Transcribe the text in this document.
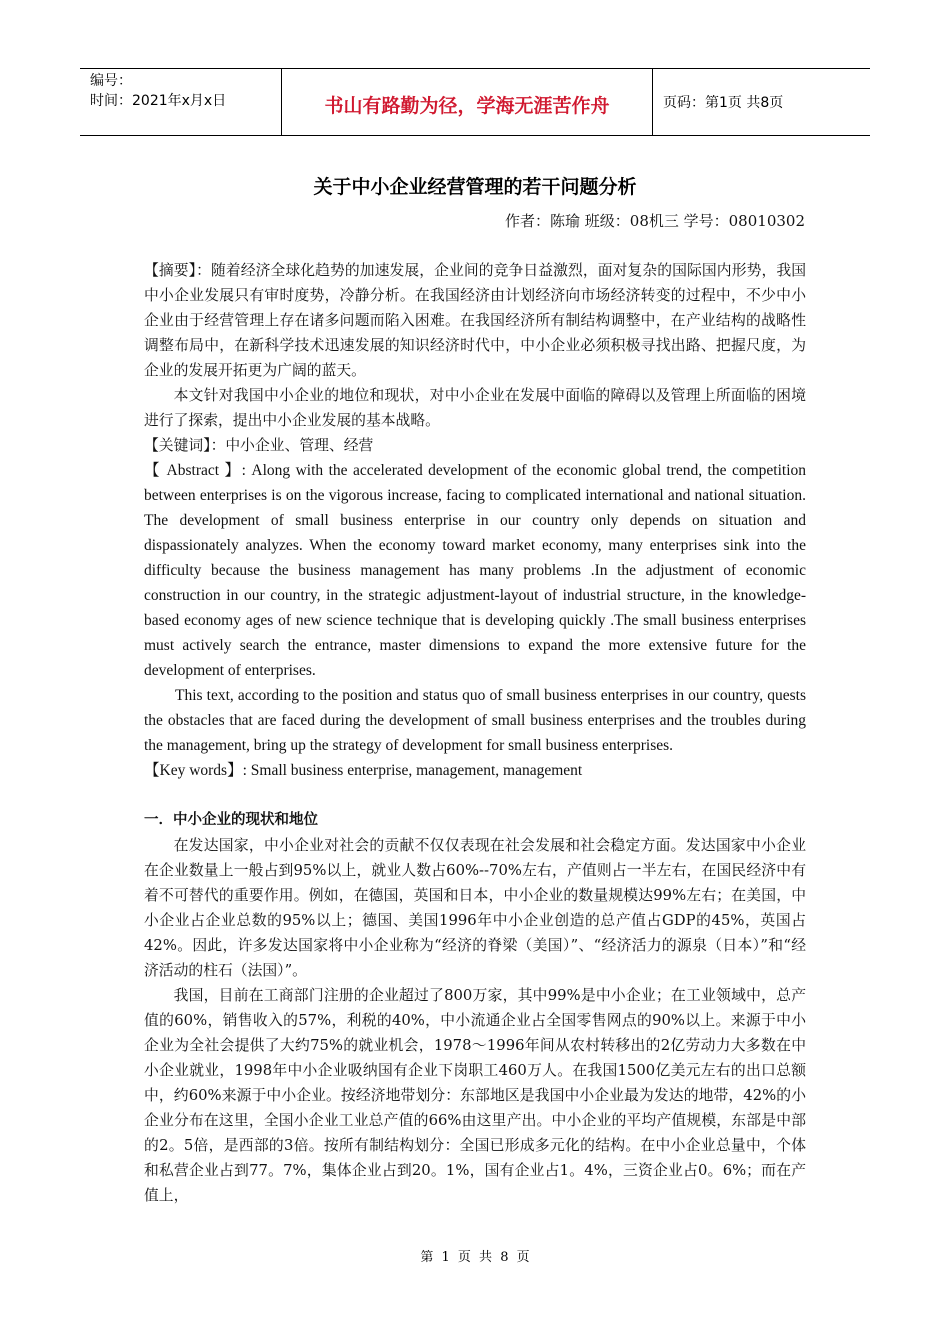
编号：
时间：2021年x月x日	书山有路勤为径，学海无涯苦作舟	页码：第1页 共8页
关于中小企业经营管理的若干问题分析
作者：陈瑜 班级：08机三 学号：08010302

【摘要】：随着经济全球化趋势的加速发展，企业间的竞争日益激烈，面对复杂的国际国内形势，我国中小企业发展只有审时度势，冷静分析。在我国经济由计划经济向市场经济转变的过程中，不少中小企业由于经营管理上存在诸多问题而陷入困难。在我国经济所有制结构调整中，在产业结构的战略性调整布局中，在新科学技术迅速发展的知识经济时代中，中小企业必须积极寻找出路、把握尺度，为企业的发展开拓更为广阔的蓝天。

本文针对我国中小企业的地位和现状，对中小企业在发展中面临的障碍以及管理上所面临的困境进行了探索，提出中小企业发展的基本战略。

【关键词】：中小企业、管理、经营

【 Abstract 】: Along with the accelerated development of the economic global trend, the competition between enterprises is on the vigorous increase, facing to complicated international and national situation. The development of small business enterprise in our country only depends on situation and dispassionately analyzes. When the economy toward market economy, many enterprises sink into the difficulty because the business management has many problems .In the adjustment of economic construction in our country, in the strategic adjustment-layout of industrial structure, in the knowledge-based economy ages of new science technique that is developing quickly .The small business enterprises must actively search the entrance, master dimensions to expand the more extensive future for the development of enterprises.

This text, according to the position and status quo of small business enterprises in our country, quests the obstacles that are faced during the development of small business enterprises and the troubles during the management, bring up the strategy of development for small business enterprises.

【Key words】: Small business enterprise, management, management

一．中小企业的现状和地位

在发达国家，中小企业对社会的贡献不仅仅表现在社会发展和社会稳定方面。发达国家中小企业在企业数量上一般占到95%以上，就业人数占60%--70%左右，产值则占一半左右，在国民经济中有着不可替代的重要作用。例如，在德国，英国和日本，中小企业的数量规模达99%左右；在美国，中小企业占企业总数的95%以上；德国、美国1996年中小企业创造的总产值占GDP的45%，英国占42%。因此，许多发达国家将中小企业称为“经济的脊梁（美国）”、“经济活力的源泉（日本）”和“经济活动的柱石（法国）”。

我国，目前在工商部门注册的企业超过了800万家，其中99%是中小企业；在工业领域中，总产值的60%，销售收入的57%，利税的40%，中小流通企业占全国零售网点的90%以上。来源于中小企业为全社会提供了大约75%的就业机会，1978～1996年间从农村转移出的2亿劳动力大多数在中小企业就业，1998年中小企业吸纳国有企业下岗职工460万人。在我国1500亿美元左右的出口总额中，约60%来源于中小企业。按经济地带划分：东部地区是我国中小企业最为发达的地带，42%的小企业分布在这里，全国小企业工业总产值的66%由这里产出。中小企业的平均产值规模，东部是中部的2。5倍，是西部的3倍。按所有制结构划分：全国已形成多元化的结构。在中小企业总量中，个体和私营企业占到77。7%，集体企业占到20。1%，国有企业占1。4%，三资企业占0。6%；而在产值上，

第 1 页 共 8 页
